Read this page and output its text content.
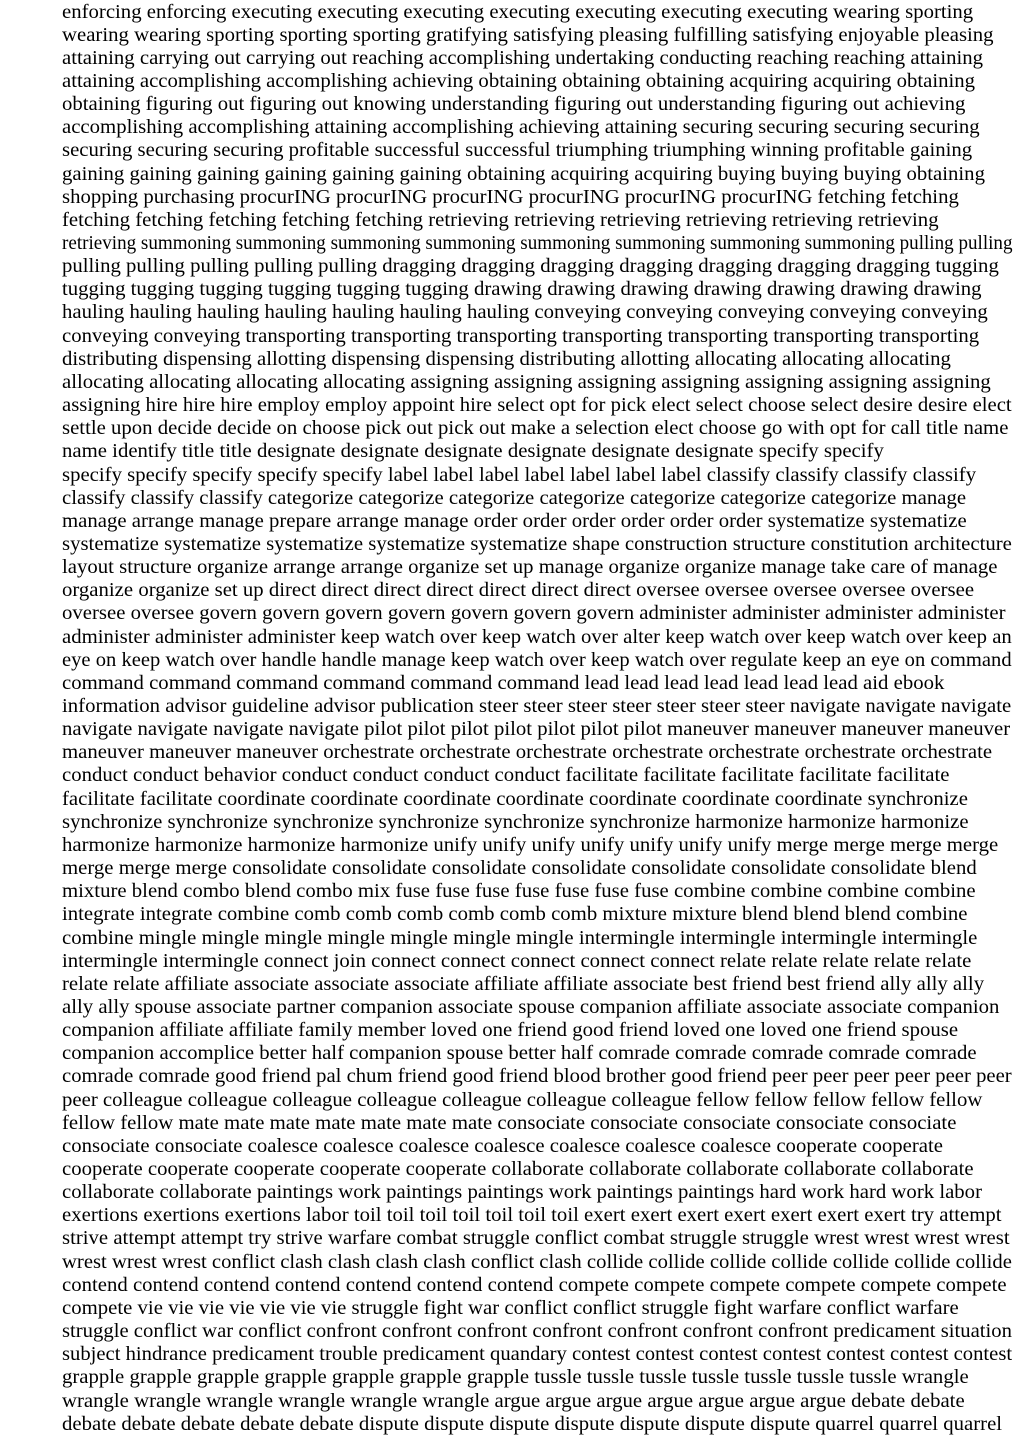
enforcing enforcing executing executing executing executing executing executing executing wearing sporting
wearing wearing sporting sporting sporting gratifying satisfying pleasing fulfilling satisfying enjoyable pleasing
attaining carrying out carrying out reaching accomplishing undertaking conducting reaching reaching attaining
attaining accomplishing accomplishing achieving obtaining obtaining obtaining acquiring acquiring obtaining
obtaining figuring out figuring out knowing understanding figuring out understanding figuring out achieving
accomplishing accomplishing attaining accomplishing achieving attaining securing securing securing securing
securing securing securing profitable successful successful triumphing triumphing winning profitable gaining
gaining gaining gaining gaining gaining gaining obtaining acquiring acquiring buying buying buying obtaining
shopping purchasing procurING procurING procurING procurING procurING procurING fetching fetching
fetching fetching fetching fetching fetching retrieving retrieving retrieving retrieving retrieving retrieving
retrieving summoning summoning summoning summoning summoning summoning summoning summoning pulling pulling
pulling pulling pulling pulling pulling dragging dragging dragging dragging dragging dragging dragging tugging
tugging tugging tugging tugging tugging tugging drawing drawing drawing drawing drawing drawing drawing
hauling hauling hauling hauling hauling hauling hauling conveying conveying conveying conveying conveying
conveying conveying transporting transporting transporting transporting transporting transporting transporting
distributing dispensing allotting dispensing dispensing distributing allotting allocating allocating allocating
allocating allocating allocating allocating assigning assigning assigning assigning assigning assigning assigning
assigning hire hire hire employ employ appoint hire select opt for pick elect select choose select desire desire elect
settle upon decide decide on choose pick out pick out make a selection elect choose go with opt for call title name
name identify title title designate designate designate designate designate designate specify specify
specify specify specify specify specify label label label label label label label classify classify classify classify
classify classify classify categorize categorize categorize categorize categorize categorize categorize manage
manage arrange manage prepare arrange manage order order order order order order systematize systematize
systematize systematize systematize systematize systematize shape construction structure constitution architecture
layout structure organize arrange arrange organize set up manage organize organize manage take care of manage
organize organize set up direct direct direct direct direct direct direct oversee oversee oversee oversee oversee
oversee oversee govern govern govern govern govern govern govern administer administer administer administer
administer administer administer keep watch over keep watch over alter keep watch over keep watch over keep an
eye on keep watch over handle handle manage keep watch over keep watch over regulate keep an eye on command
command command command command command command lead lead lead lead lead lead lead aid ebook
information advisor guideline advisor publication steer steer steer steer steer steer steer navigate navigate navigate
navigate navigate navigate navigate pilot pilot pilot pilot pilot pilot pilot maneuver maneuver maneuver maneuver
maneuver maneuver maneuver orchestrate orchestrate orchestrate orchestrate orchestrate orchestrate orchestrate
conduct conduct behavior conduct conduct conduct conduct facilitate facilitate facilitate facilitate facilitate
facilitate facilitate coordinate coordinate coordinate coordinate coordinate coordinate coordinate synchronize
synchronize synchronize synchronize synchronize synchronize synchronize harmonize harmonize harmonize
harmonize harmonize harmonize harmonize unify unify unify unify unify unify unify merge merge merge merge
merge merge merge consolidate consolidate consolidate consolidate consolidate consolidate consolidate blend
mixture blend combo blend combo mix fuse fuse fuse fuse fuse fuse fuse combine combine combine combine
integrate integrate combine comb comb comb comb comb comb mixture mixture blend blend blend combine
combine mingle mingle mingle mingle mingle mingle mingle intermingle intermingle intermingle intermingle
intermingle intermingle connect join connect connect connect connect connect relate relate relate relate relate
relate relate affiliate associate associate associate affiliate affiliate associate best friend best friend ally ally ally
ally ally spouse associate partner companion associate spouse companion affiliate associate associate companion
companion affiliate affiliate family member loved one friend good friend loved one loved one friend spouse
companion accomplice better half companion spouse better half comrade comrade comrade comrade comrade
comrade comrade good friend pal chum friend good friend blood brother good friend peer peer peer peer peer peer
peer colleague colleague colleague colleague colleague colleague colleague fellow fellow fellow fellow fellow
fellow fellow mate mate mate mate mate mate mate consociate consociate consociate consociate consociate
consociate consociate coalesce coalesce coalesce coalesce coalesce coalesce coalesce cooperate cooperate
cooperate cooperate cooperate cooperate cooperate collaborate collaborate collaborate collaborate collaborate
collaborate collaborate paintings work paintings paintings work paintings paintings hard work hard work labor
exertions exertions exertions labor toil toil toil toil toil toil toil exert exert exert exert exert exert exert try attempt
strive attempt attempt try strive warfare combat struggle conflict combat struggle struggle wrest wrest wrest wrest
wrest wrest wrest conflict clash clash clash clash conflict clash collide collide collide collide collide collide collide
contend contend contend contend contend contend contend compete compete compete compete compete compete
compete vie vie vie vie vie vie vie struggle fight war conflict conflict struggle fight warfare conflict warfare
struggle conflict war conflict confront confront confront confront confront confront confront predicament situation
subject hindrance predicament trouble predicament quandary contest contest contest contest contest contest contest
grapple grapple grapple grapple grapple grapple grapple tussle tussle tussle tussle tussle tussle tussle wrangle
wrangle wrangle wrangle wrangle wrangle wrangle argue argue argue argue argue argue argue debate debate
debate debate debate debate debate dispute dispute dispute dispute dispute dispute dispute quarrel quarrel quarrel
